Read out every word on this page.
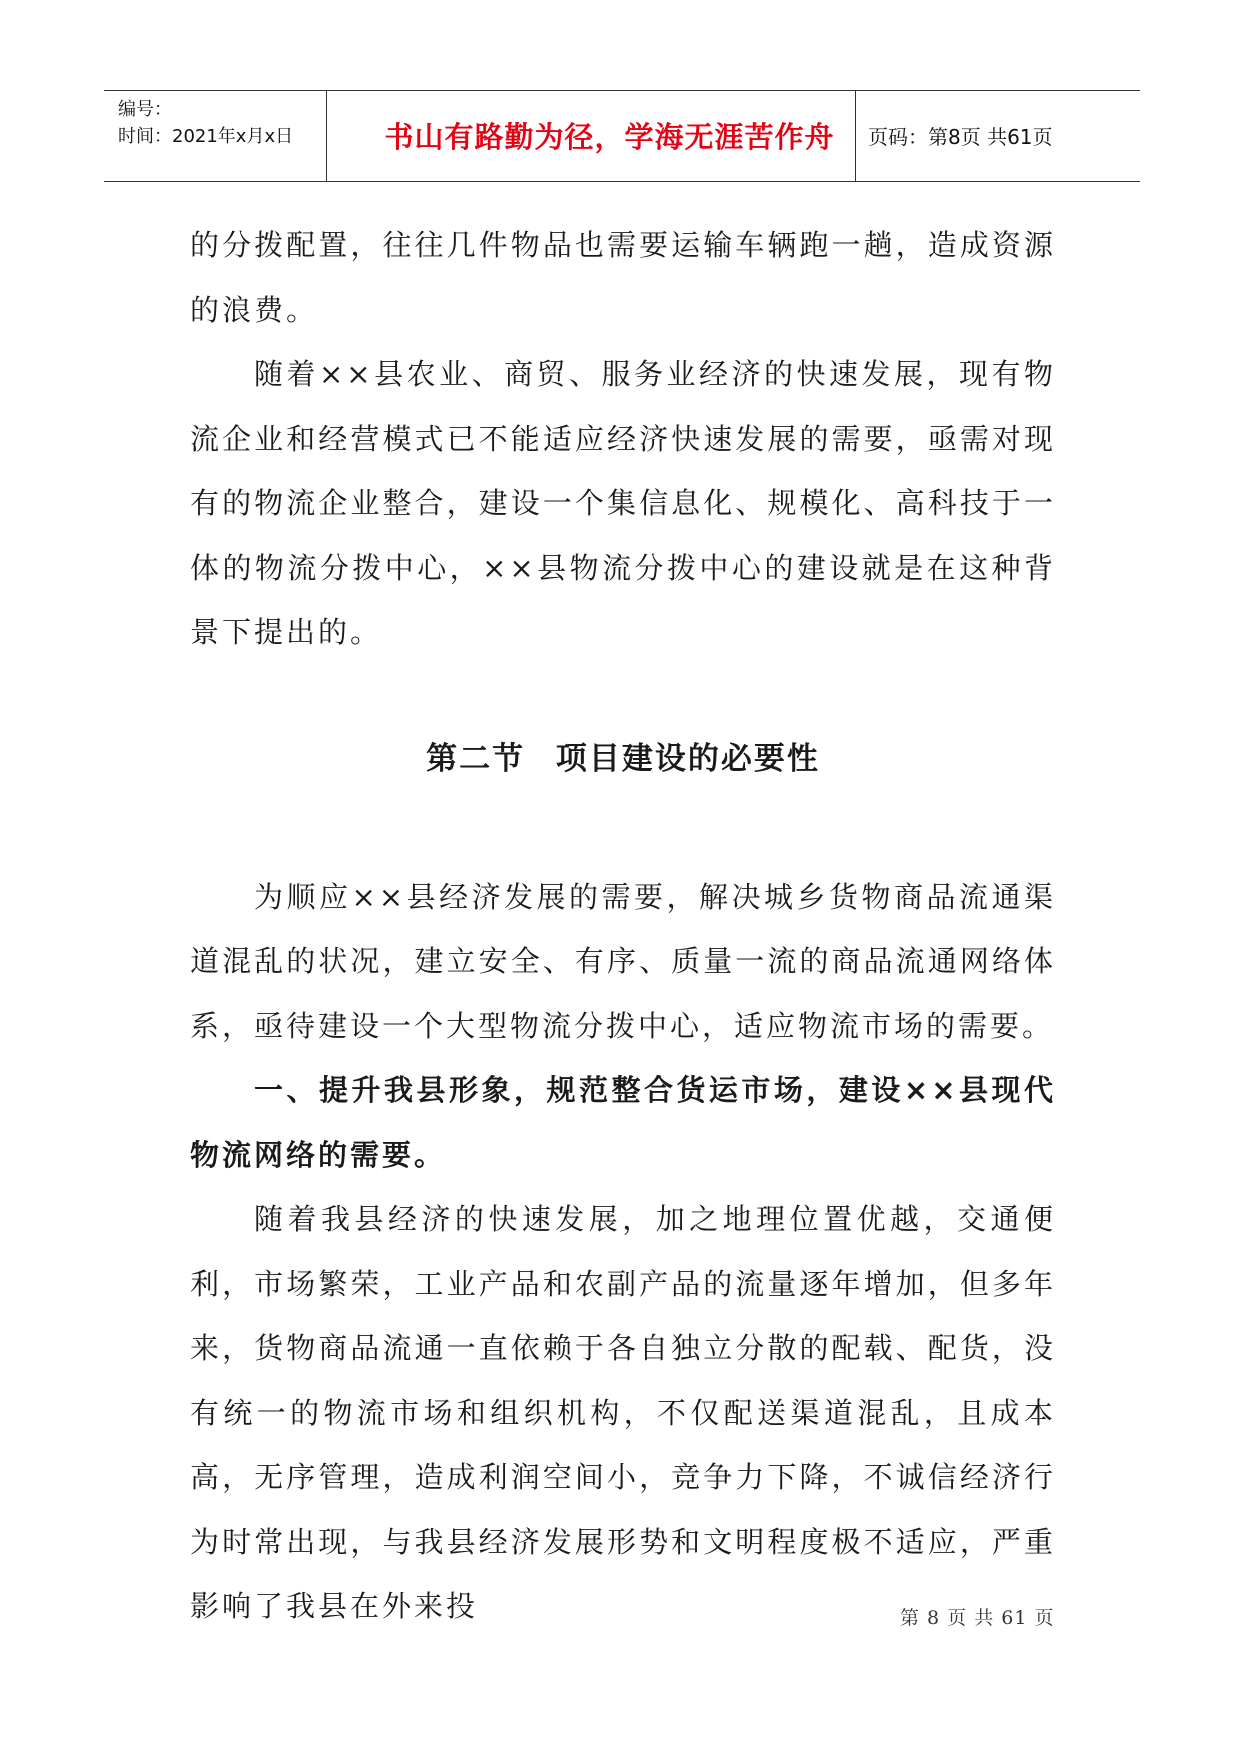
编号：
时间：2021年x月x日	书山有路勤为径，学海无涯苦作舟	页码：第8页 共61页

的分拨配置，往往几件物品也需要运输车辆跑一趟，造成资源的浪费。

随着××县农业、商贸、服务业经济的快速发展，现有物流企业和经营模式已不能适应经济快速发展的需要，亟需对现有的物流企业整合，建设一个集信息化、规模化、高科技于一体的物流分拨中心，××县物流分拨中心的建设就是在这种背景下提出的。

第二节 项目建设的必要性

为顺应××县经济发展的需要，解决城乡货物商品流通渠道混乱的状况，建立安全、有序、质量一流的商品流通网络体系，亟待建设一个大型物流分拨中心，适应物流市场的需要。

一、提升我县形象，规范整合货运市场，建设××县现代物流网络的需要。

随着我县经济的快速发展，加之地理位置优越，交通便利，市场繁荣，工业产品和农副产品的流量逐年增加，但多年来，货物商品流通一直依赖于各自独立分散的配载、配货，没有统一的物流市场和组织机构，不仅配送渠道混乱，且成本高，无序管理，造成利润空间小，竞争力下降，不诚信经济行为时常出现，与我县经济发展形势和文明程度极不适应，严重影响了我县在外来投	第 8 页 共 61 页
